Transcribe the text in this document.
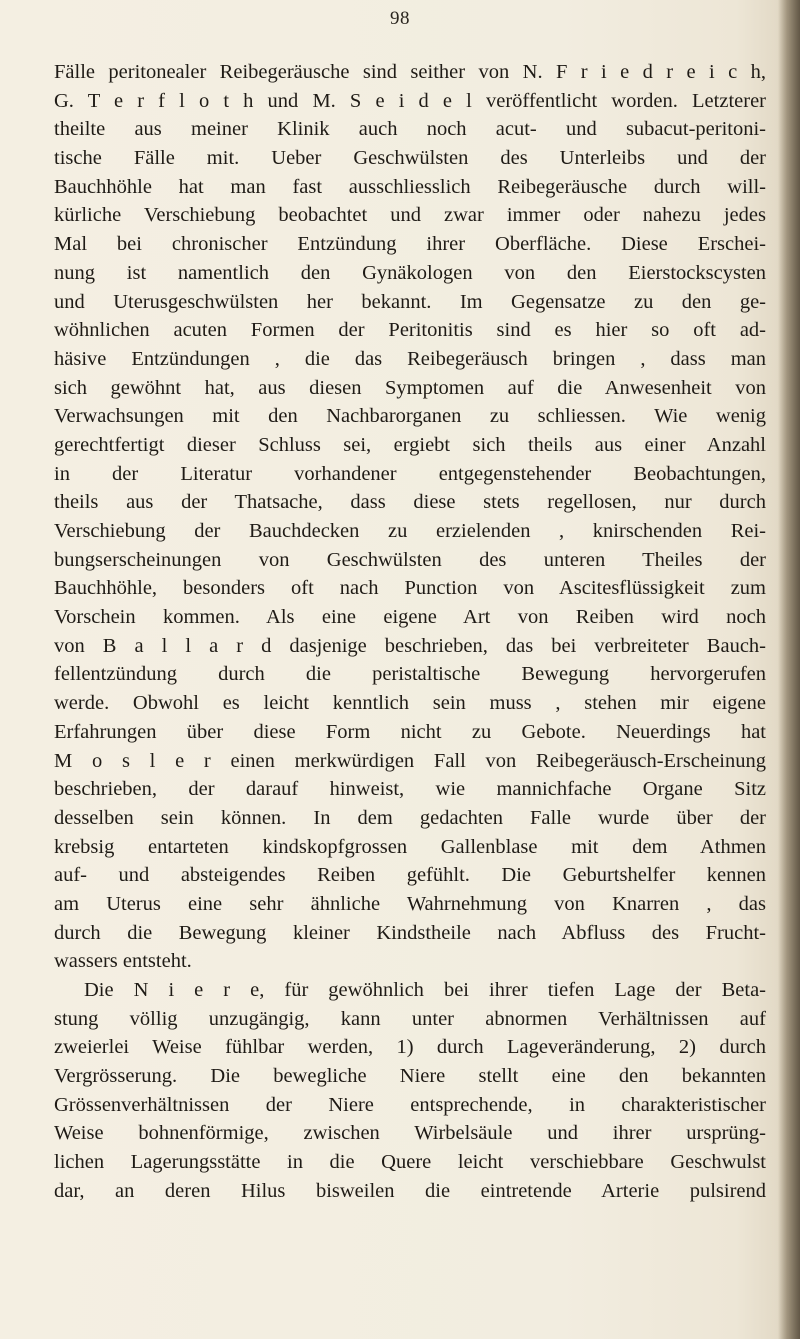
98
Fälle peritonealer Reibegeräusche sind seither von N. F r i e d r e i c h,
G. T e r f l o t h und M. S e i d e l veröffentlicht worden. Letzterer
theilte aus meiner Klinik auch noch acut- und subacut-peritoni-
tische Fälle mit. Ueber Geschwülsten des Unterleibs und der
Bauchhöhle hat man fast ausschliesslich Reibegeräusche durch will-
kürliche Verschiebung beobachtet und zwar immer oder nahezu jedes
Mal bei chronischer Entzündung ihrer Oberfläche. Diese Erschei-
nung ist namentlich den Gynäkologen von den Eierstockscysten
und Uterusgeschwülsten her bekannt. Im Gegensatze zu den ge-
wöhnlichen acuten Formen der Peritonitis sind es hier so oft ad-
häsive Entzündungen , die das Reibegeräusch bringen , dass man
sich gewöhnt hat, aus diesen Symptomen auf die Anwesenheit von
Verwachsungen mit den Nachbarorganen zu schliessen. Wie wenig
gerechtfertigt dieser Schluss sei, ergiebt sich theils aus einer Anzahl
in der Literatur vorhandener entgegenstehender Beobachtungen,
theils aus der Thatsache, dass diese stets regellosen, nur durch
Verschiebung der Bauchdecken zu erzielenden , knirschenden Rei-
bungserscheinungen von Geschwülsten des unteren Theiles der
Bauchhöhle, besonders oft nach Punction von Ascitesflüssigkeit zum
Vorschein kommen. Als eine eigene Art von Reiben wird noch
von B a l l a r d dasjenige beschrieben, das bei verbreiteter Bauch-
fellentzündung durch die peristaltische Bewegung hervorgerufen
werde. Obwohl es leicht kenntlich sein muss , stehen mir eigene
Erfahrungen über diese Form nicht zu Gebote. Neuerdings hat
M o s l e r einen merkwürdigen Fall von Reibegeräusch-Erscheinung
beschrieben, der darauf hinweist, wie mannichfache Organe Sitz
desselben sein können. In dem gedachten Falle wurde über der
krebsig entarteten kindskopfgrossen Gallenblase mit dem Athmen
auf- und absteigendes Reiben gefühlt. Die Geburtshelfer kennen
am Uterus eine sehr ähnliche Wahrnehmung von Knarren , das
durch die Bewegung kleiner Kindstheile nach Abfluss des Frucht-
wassers entsteht.
Die N i e r e, für gewöhnlich bei ihrer tiefen Lage der Beta-
stung völlig unzugängig, kann unter abnormen Verhältnissen auf
zweierlei Weise fühlbar werden, 1) durch Lageveränderung, 2) durch
Vergrösserung. Die bewegliche Niere stellt eine den bekannten
Grössenverhältnissen der Niere entsprechende, in charakteristischer
Weise bohnenförmige, zwischen Wirbelsäule und ihrer ursprüng-
lichen Lagerungsstätte in die Quere leicht verschiebbare Geschwulst
dar, an deren Hilus bisweilen die eintretende Arterie pulsirend
